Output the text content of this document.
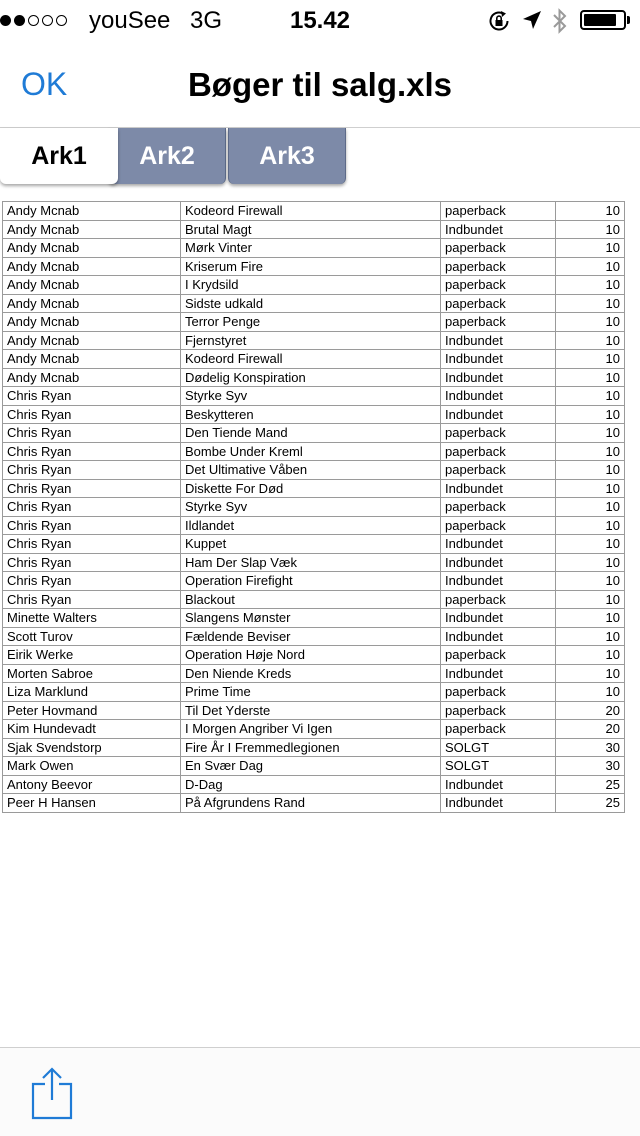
youSee 3G	15.42
OK	Bøger til salg.xls
Ark1	Ark2	Ark3
Andy Mcnab	Kodeord Firewall	paperback	10
Andy Mcnab	Brutal Magt	Indbundet	10
Andy Mcnab	Mørk Vinter	paperback	10
Andy Mcnab	Kriserum Fire	paperback	10
Andy Mcnab	I Krydsild	paperback	10
Andy Mcnab	Sidste udkald	paperback	10
Andy Mcnab	Terror Penge	paperback	10
Andy Mcnab	Fjernstyret	Indbundet	10
Andy Mcnab	Kodeord Firewall	Indbundet	10
Andy Mcnab	Dødelig Konspiration	Indbundet	10
Chris Ryan	Styrke Syv	Indbundet	10
Chris Ryan	Beskytteren	Indbundet	10
Chris Ryan	Den Tiende Mand	paperback	10
Chris Ryan	Bombe Under Kreml	paperback	10
Chris Ryan	Det Ultimative Våben	paperback	10
Chris Ryan	Diskette For Død	Indbundet	10
Chris Ryan	Styrke Syv	paperback	10
Chris Ryan	Ildlandet	paperback	10
Chris Ryan	Kuppet	Indbundet	10
Chris Ryan	Ham Der Slap Væk	Indbundet	10
Chris Ryan	Operation Firefight	Indbundet	10
Chris Ryan	Blackout	paperback	10
Minette Walters	Slangens Mønster	Indbundet	10
Scott Turov	Fældende Beviser	Indbundet	10
Eirik Werke	Operation Høje Nord	paperback	10
Morten Sabroe	Den Niende Kreds	Indbundet	10
Liza Marklund	Prime Time	paperback	10
Peter Hovmand	Til Det Yderste	paperback	20
Kim Hundevadt	I Morgen Angriber Vi Igen	paperback	20
Sjak Svendstorp	Fire År I Fremmedlegionen	SOLGT	30
Mark Owen	En Svær Dag	SOLGT	30
Antony Beevor	D-Dag	Indbundet	25
Peer H Hansen	På Afgrundens Rand	Indbundet	25
